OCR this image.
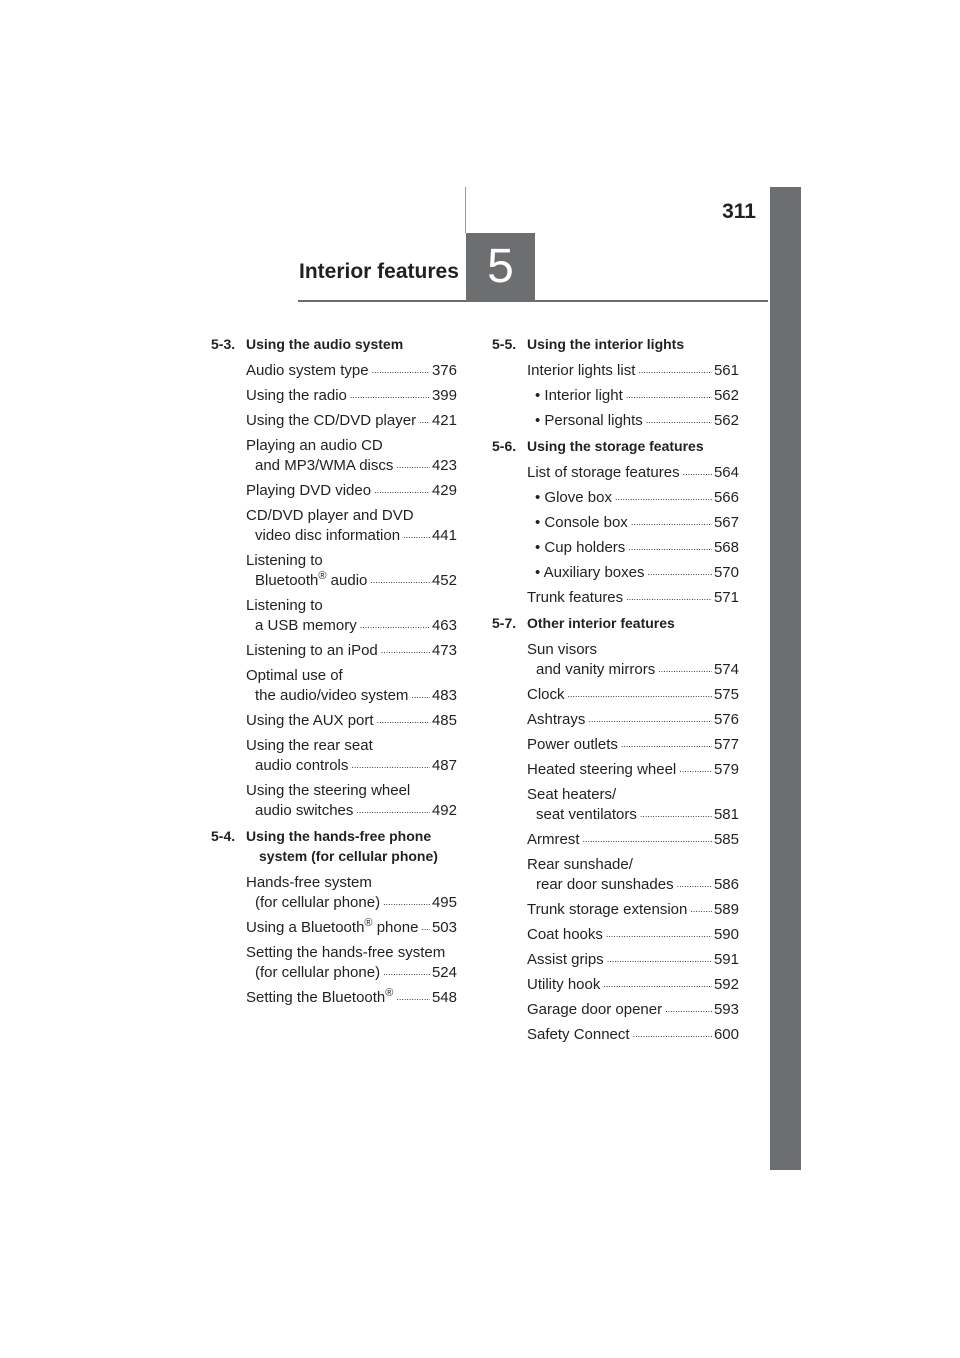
311
Interior features 5
5-3. Using the audio system
Audio system type .....	376
Using the radio .....	399
Using the CD/DVD player ..... 421
Playing an audio CD
and MP3/WMA discs .....	423
Playing DVD video .....	429
CD/DVD player and DVD
video disc information ..... 441
Listening to
Bluetooth® audio .....	452
Listening to
a USB memory .....	463
Listening to an iPod .....	473
Optimal use of
the audio/video system ..... 483
Using the AUX port .....	485
Using the rear seat
audio controls .....	487
Using the steering wheel
audio switches .....	492
5-4. Using the hands-free phone
system (for cellular phone)
Hands-free system
(for cellular phone) .....	495
Using a Bluetooth® phone ..... 503
Setting the hands-free system
(for cellular phone) .....	524
Setting the Bluetooth® .....	548
5-5. Using the interior lights
Interior lights list .....	561
• Interior light .....	562
• Personal lights .....	562
5-6. Using the storage features
List of storage features ..... 564
• Glove box .....	566
• Console box .....	567
• Cup holders .....	568
• Auxiliary boxes .....	570
Trunk features .....	571
5-7. Other interior features
Sun visors
and vanity mirrors .....	574
Clock .....	575
Ashtrays .....	576
Power outlets .....	577
Heated steering wheel .....	579
Seat heaters/
seat ventilators .....	581
Armrest .....	585
Rear sunshade/
rear door sunshades .....	586
Trunk storage extension ..... 589
Coat hooks .....	590
Assist grips .....	591
Utility hook .....	592
Garage door opener .....	593
Safety Connect .....	600
